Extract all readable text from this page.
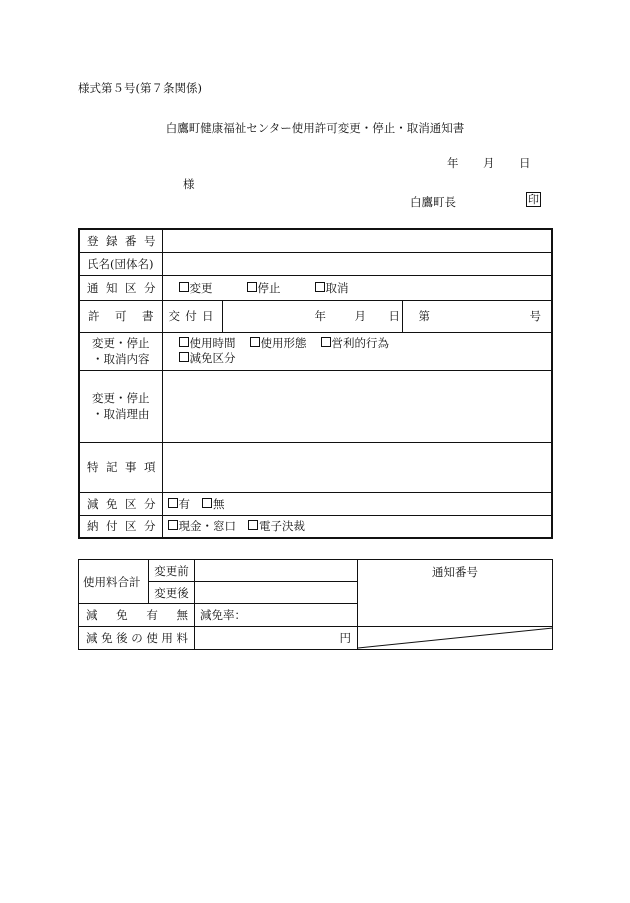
様式第５号(第７条関係)
白鷹町健康福祉センター使用許可変更・停止・取消通知書
年 月 日
様
白鷹町長	印
登録番号			
氏名(団体名)			
通知区分	変更 停止 取消		
許可書	交付日	年 月 日	第 号

変更・停止
・取消内容	使用時間 使用形態 営利的行為
減免区分		
変更・停止
・取消理由			
特記事項			
減免区分	有 無		
納付区分	現金・窓口 電子決裁		
使用料合計	変更前		通知番号
	変更後		
減免有無		減免率：	
減免後の使用料		円	
